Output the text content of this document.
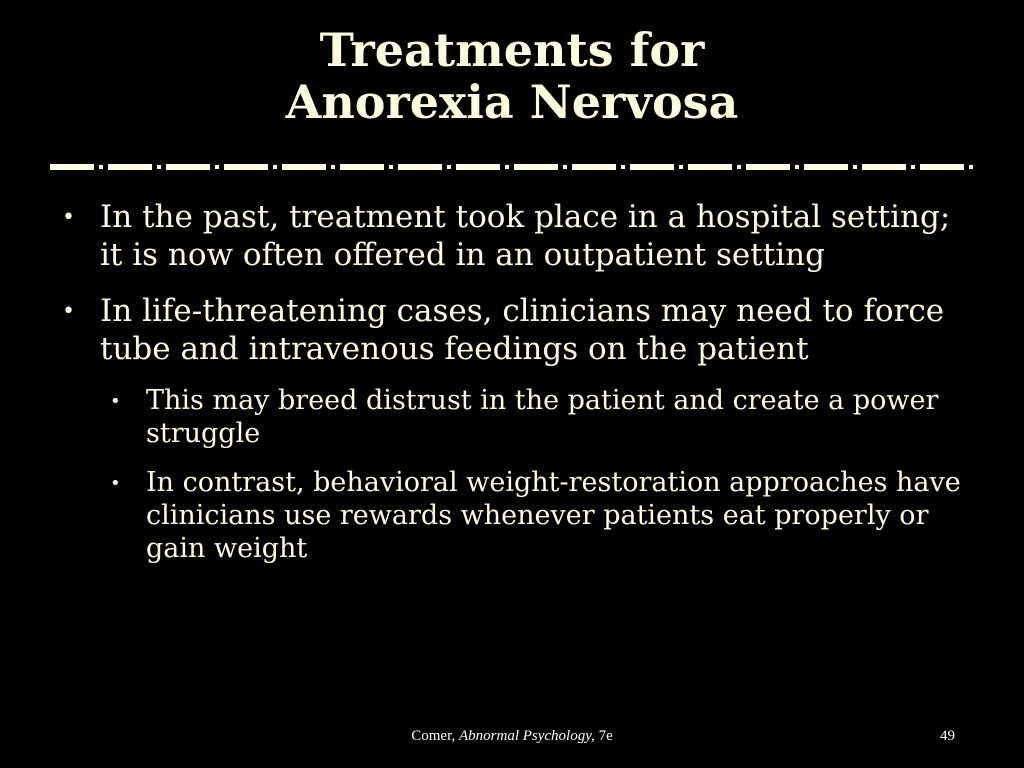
Treatments for
Anorexia Nervosa
• In the past, treatment took place in a hospital setting; it is now often offered in an outpatient setting
• In life-threatening cases, clinicians may need to force tube and intravenous feedings on the patient
• This may breed distrust in the patient and create a power struggle
• In contrast, behavioral weight-restoration approaches have clinicians use rewards whenever patients eat properly or gain weight
Comer, Abnormal Psychology, 7e	49
